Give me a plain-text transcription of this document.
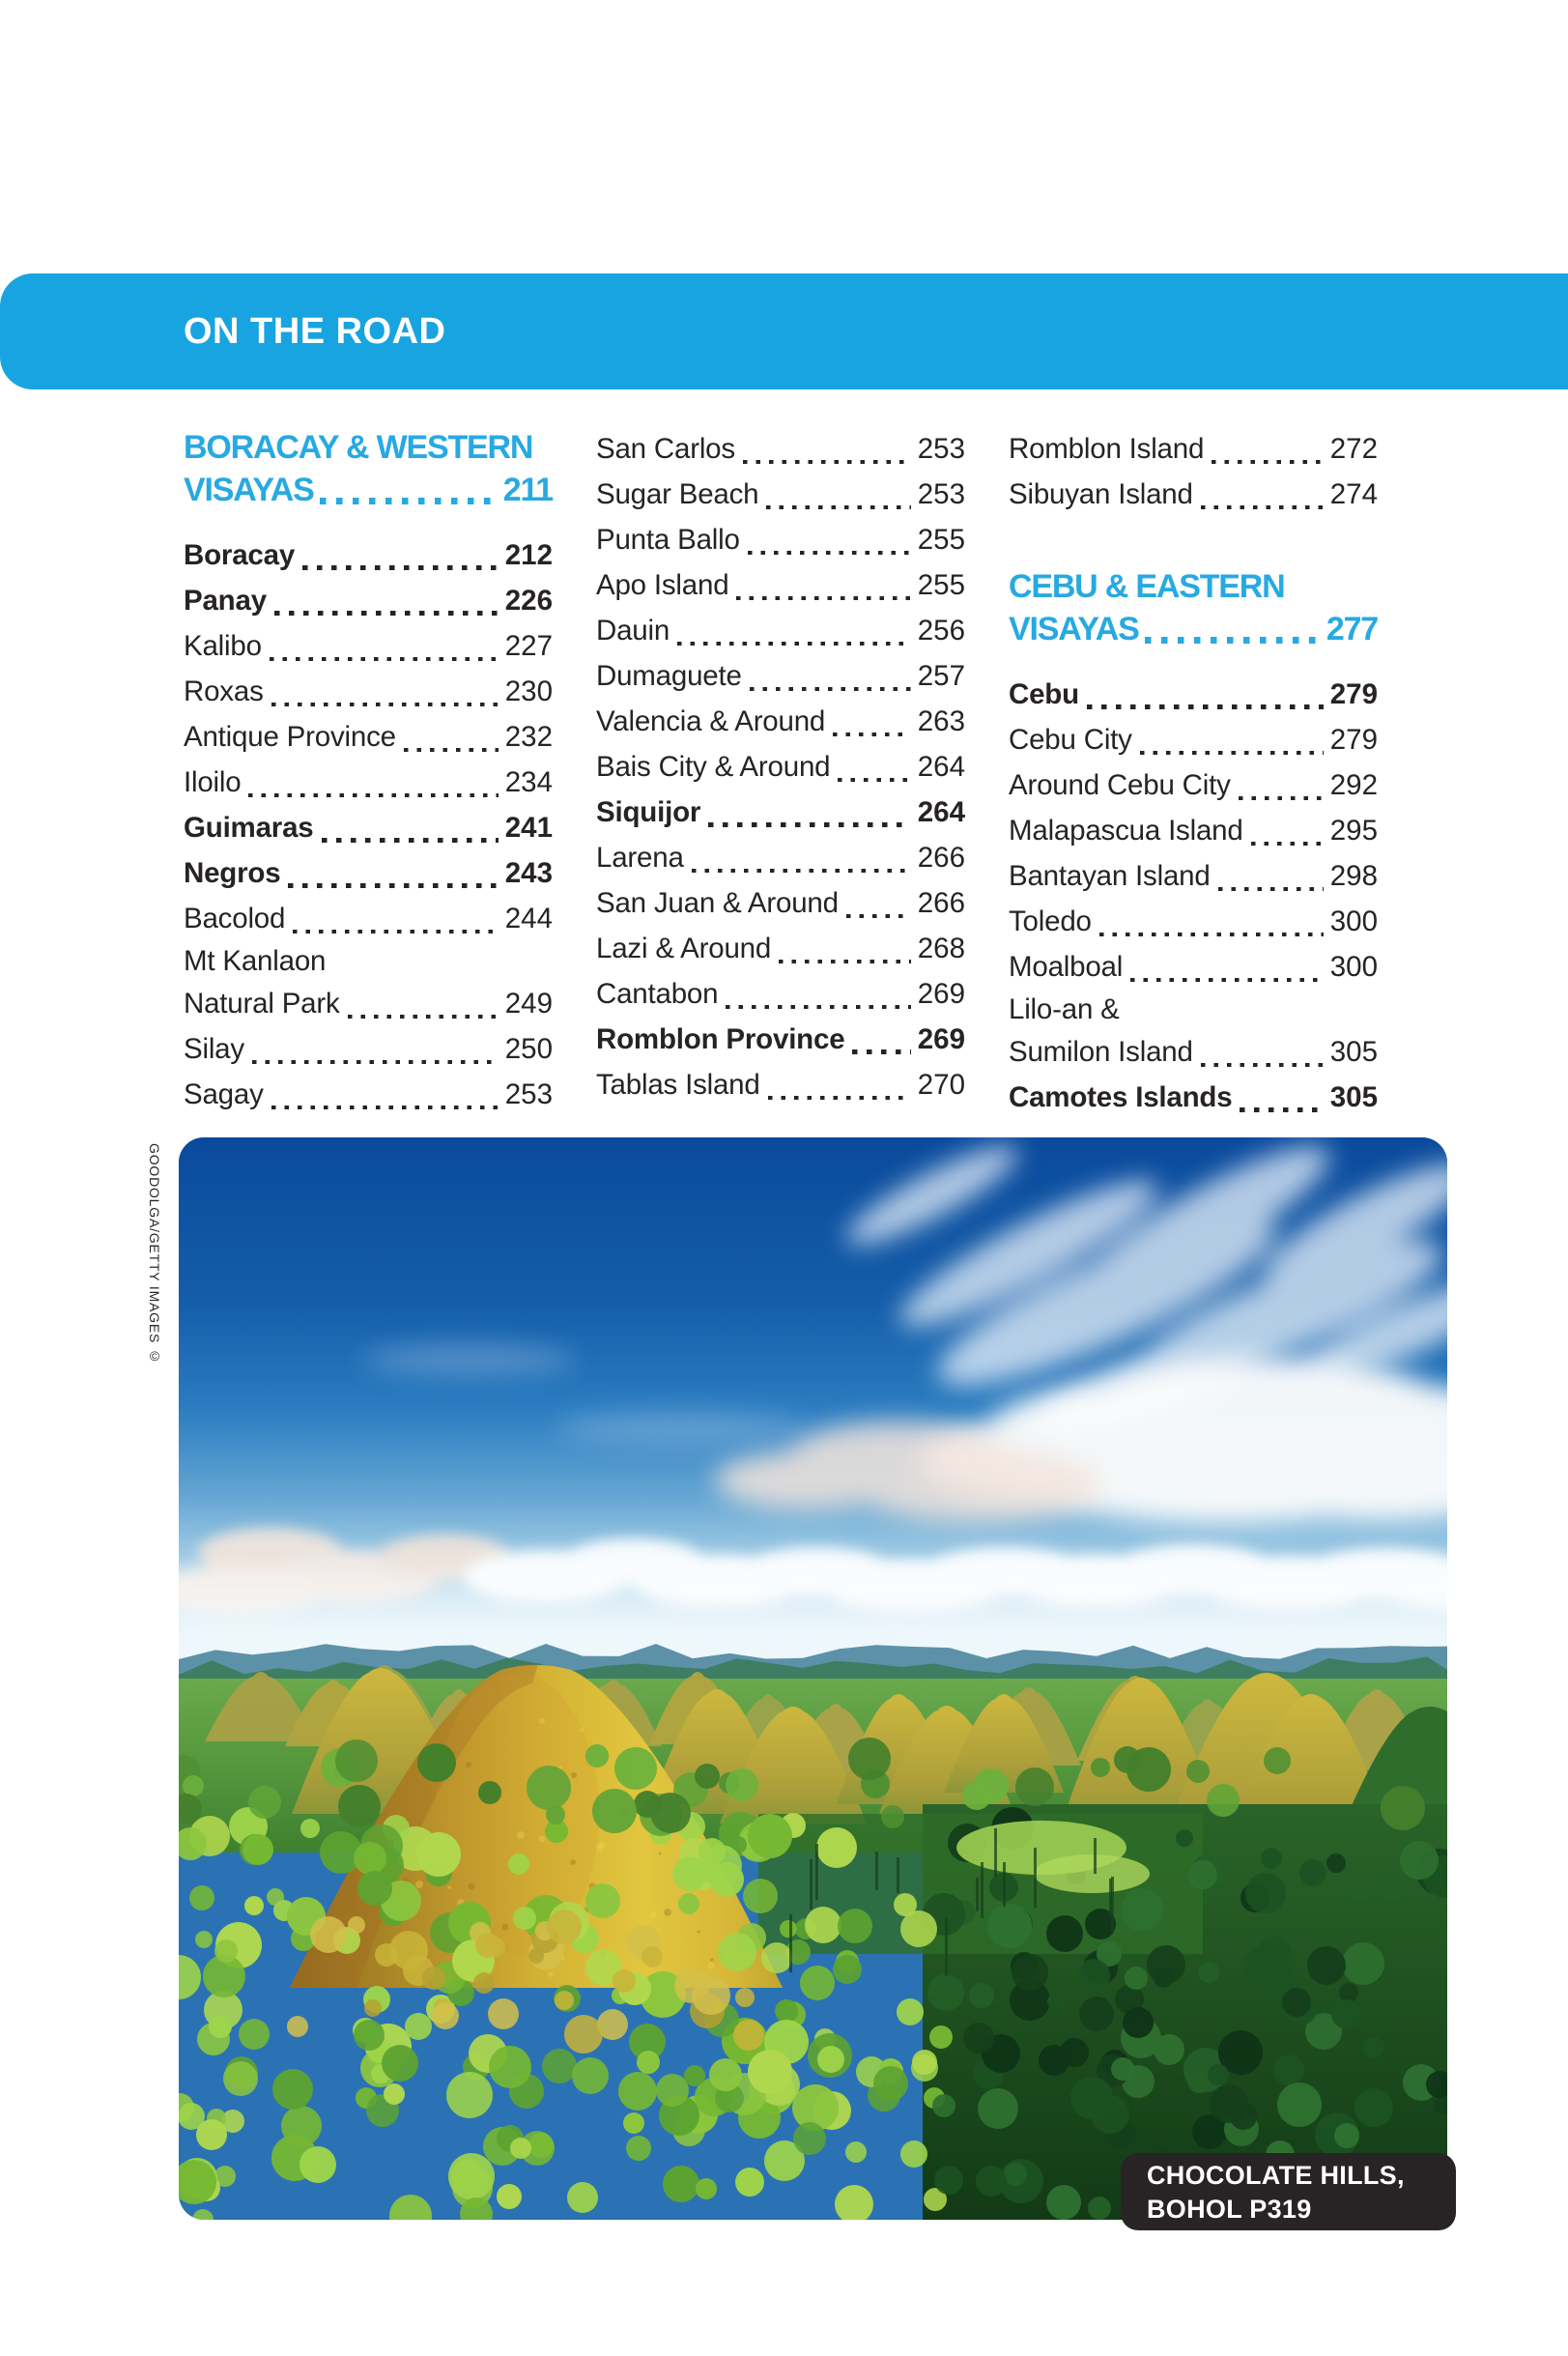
ON THE ROAD
BORACAY & WESTERN
VISAYAS	211
Boracay	212
Panay	226
Kalibo	227
Roxas	230
Antique Province	232
Iloilo	234
Guimaras	241
Negros	243
Bacolod	244
Mt Kanlaon
Natural Park	249
Silay	250
Sagay	253
San Carlos	253
Sugar Beach	253
Punta Ballo	255
Apo Island	255
Dauin	256
Dumaguete	257
Valencia & Around	263
Bais City & Around	264
Siquijor	264
Larena	266
San Juan & Around	266
Lazi & Around	268
Cantabon	269
Romblon Province	269
Tablas Island	270
Romblon Island	272
Sibuyan Island	274
CEBU & EASTERN
VISAYAS	277
Cebu	279
Cebu City	279
Around Cebu City	292
Malapascua Island	295
Bantayan Island	298
Toledo	300
Moalboal	300
Lilo-an &
Sumilon Island	305
Camotes Islands	305
GOODOLGA/GETTY IMAGES ©
CHOCOLATE HILLS,
BOHOL P319
